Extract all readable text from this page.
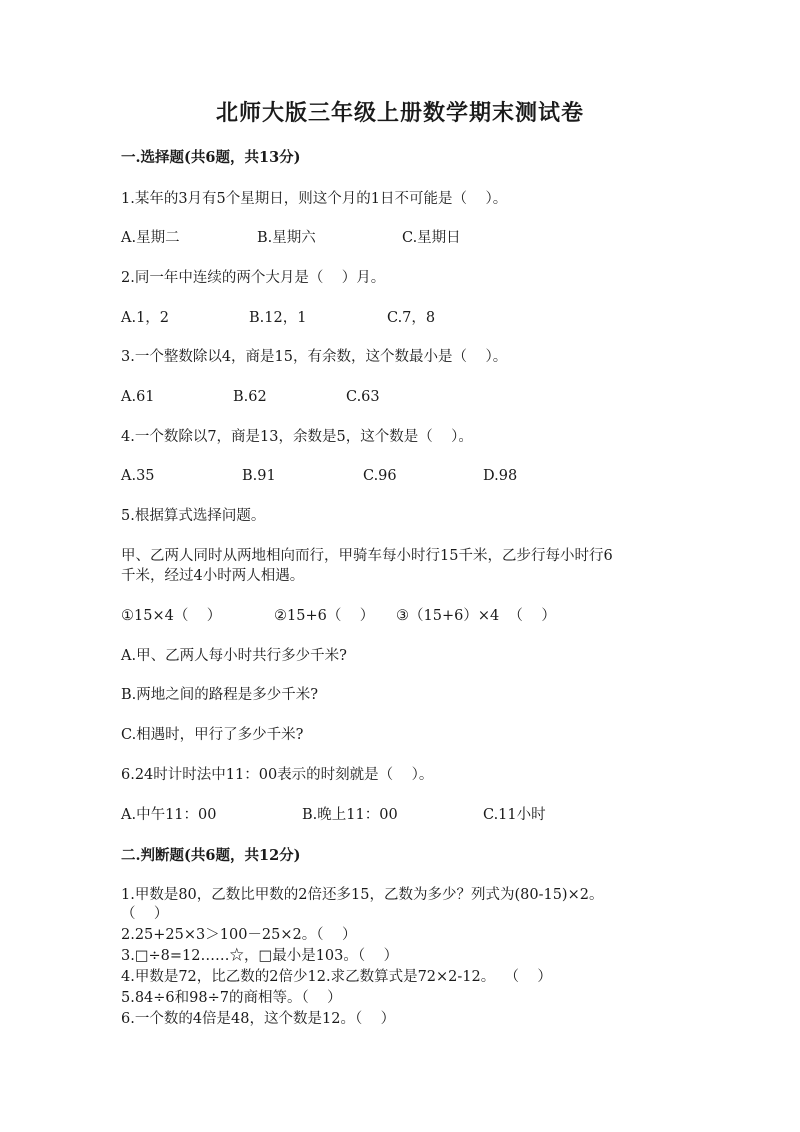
北师大版三年级上册数学期末测试卷
一.选择题(共6题，共13分)
1.某年的3月有5个星期日，则这个月的1日不可能是（    ）。
A.星期二	B.星期六	C.星期日
2.同一年中连续的两个大月是（    ）月。
A.1，2	B.12，1	C.7，8
3.一个整数除以4，商是15，有余数，这个数最小是（    ）。
A.61	B.62	C.63
4.一个数除以7，商是13，余数是5，这个数是（    ）。
A.35	B.91	C.96	D.98
5.根据算式选择问题。
甲、乙两人同时从两地相向而行，甲骑车每小时行15千米，乙步行每小时行6
千米，经过4小时两人相遇。
①15×4（    ）	②15+6（    ） ③（15+6）×4  （    ）
A.甲、乙两人每小时共行多少千米?
B.两地之间的路程是多少千米?
C.相遇时，甲行了多少千米?
6.24时计时法中11：00表示的时刻就是（    ）。
A.中午11：00	B.晚上11：00	C.11小时
二.判断题(共6题，共12分)
1.甲数是80，乙数比甲数的2倍还多15，乙数为多少？列式为(80-15)×2。
（    ）
2.25+25×3＞100－25×2。（    ）
3.□÷8=12……☆，□最小是103。（    ）
4.甲数是72，比乙数的2倍少12.求乙数算式是72×2-12。  （    ）
5.84÷6和98÷7的商相等。（    ）
6.一个数的4倍是48，这个数是12。（    ）
